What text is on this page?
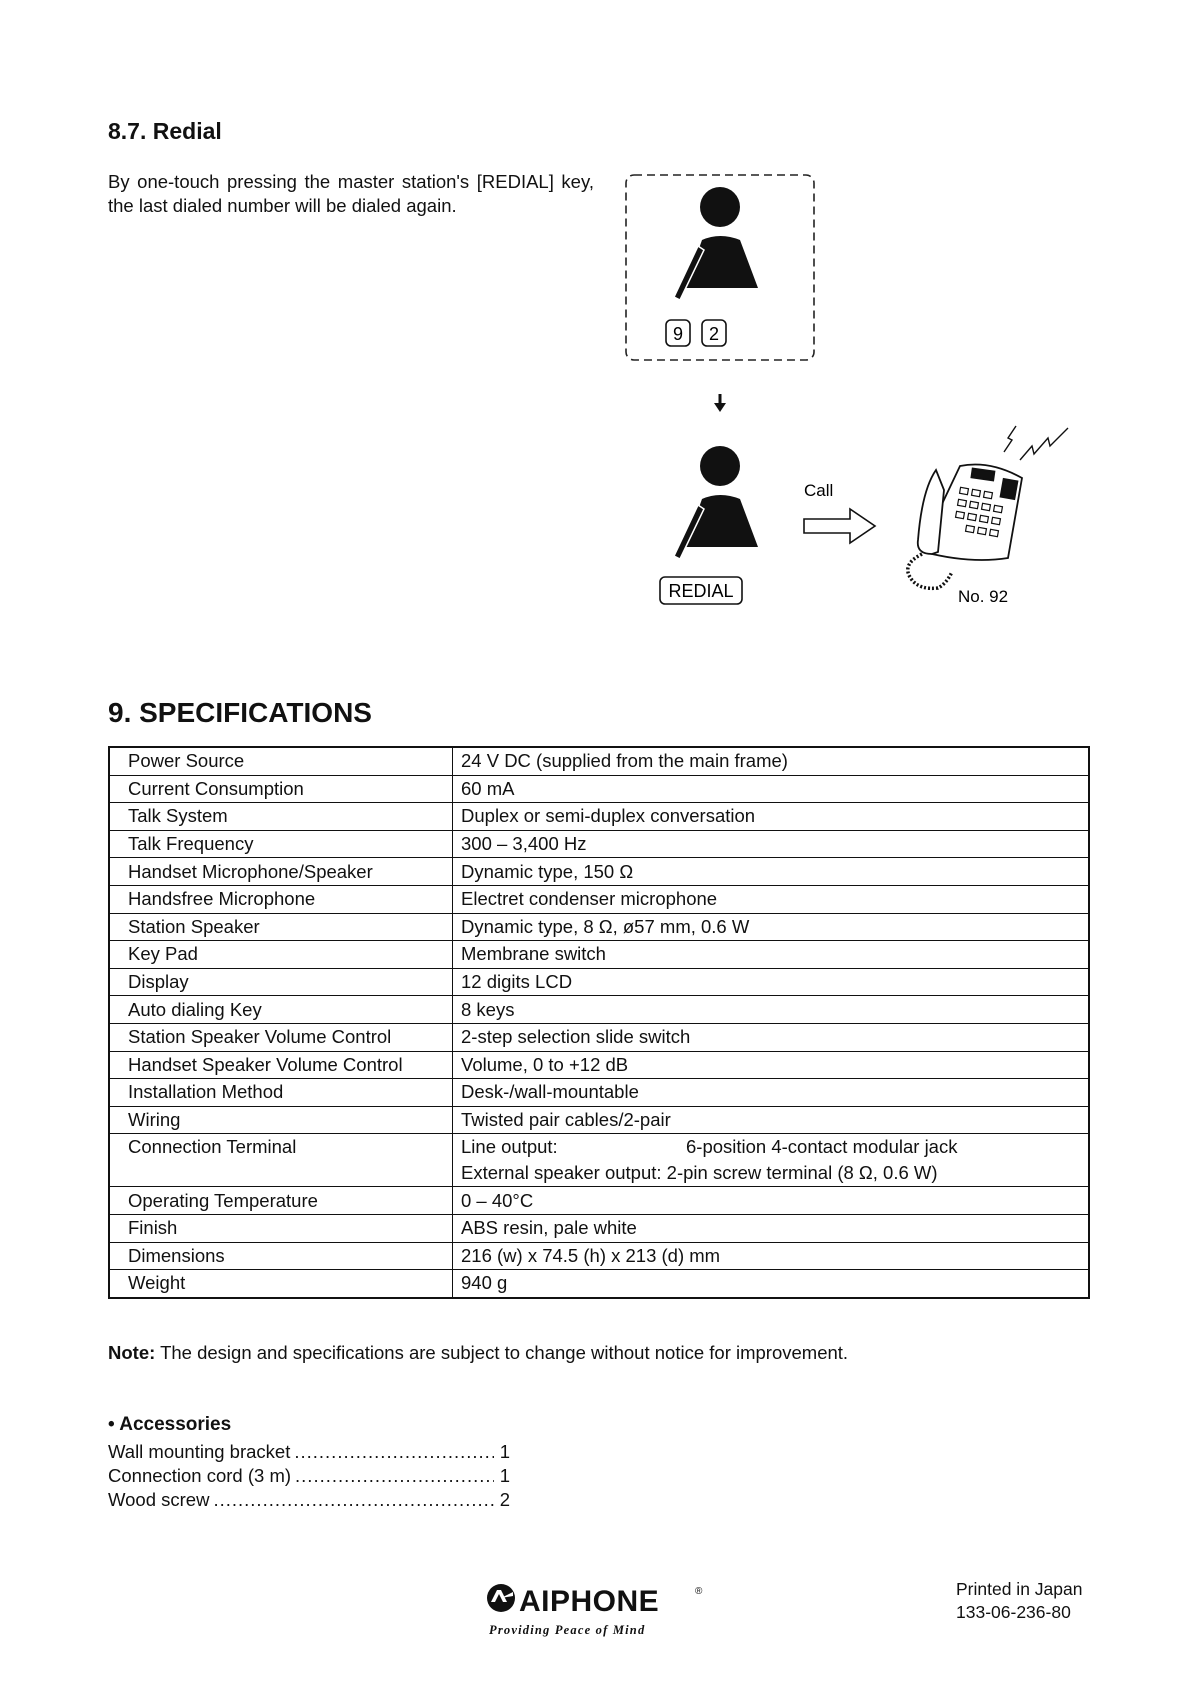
8.7. Redial
By one-touch pressing the master station's [REDIAL] key, the last dialed number will be dialed again.
9 2
REDIAL
Call
No. 92
9. SPECIFICATIONS
Power Source	24 V DC (supplied from the main frame)
Current Consumption	60 mA
Talk System	Duplex or semi-duplex conversation
Talk Frequency	300 – 3,400 Hz
Handset Microphone/Speaker	Dynamic type, 150 Ω
Handsfree Microphone	Electret condenser microphone
Station Speaker	Dynamic type, 8 Ω, ø57 mm, 0.6 W
Key Pad	Membrane switch
Display	12 digits LCD
Auto dialing Key	8 keys
Station Speaker Volume Control	2-step selection slide switch
Handset Speaker Volume Control	Volume, 0 to +12 dB
Installation Method	Desk-/wall-mountable
Wiring	Twisted pair cables/2-pair
Connection Terminal	Line output: 6-position 4-contact modular jack
External speaker output: 2-pin screw terminal (8 Ω, 0.6 W)

Operating Temperature	0 – 40°C
Finish	ABS resin, pale white
Dimensions	216 (w) x 74.5 (h) x 213 (d) mm
Weight	940 g
Note: The design and specifications are subject to change without notice for improvement.
• Accessories
Wall mounting bracket .....	1
Connection cord (3 m) .....	1
Wood screw .....	2
AIPHONE	®
Providing Peace of Mind
Printed in Japan
133-06-236-80
